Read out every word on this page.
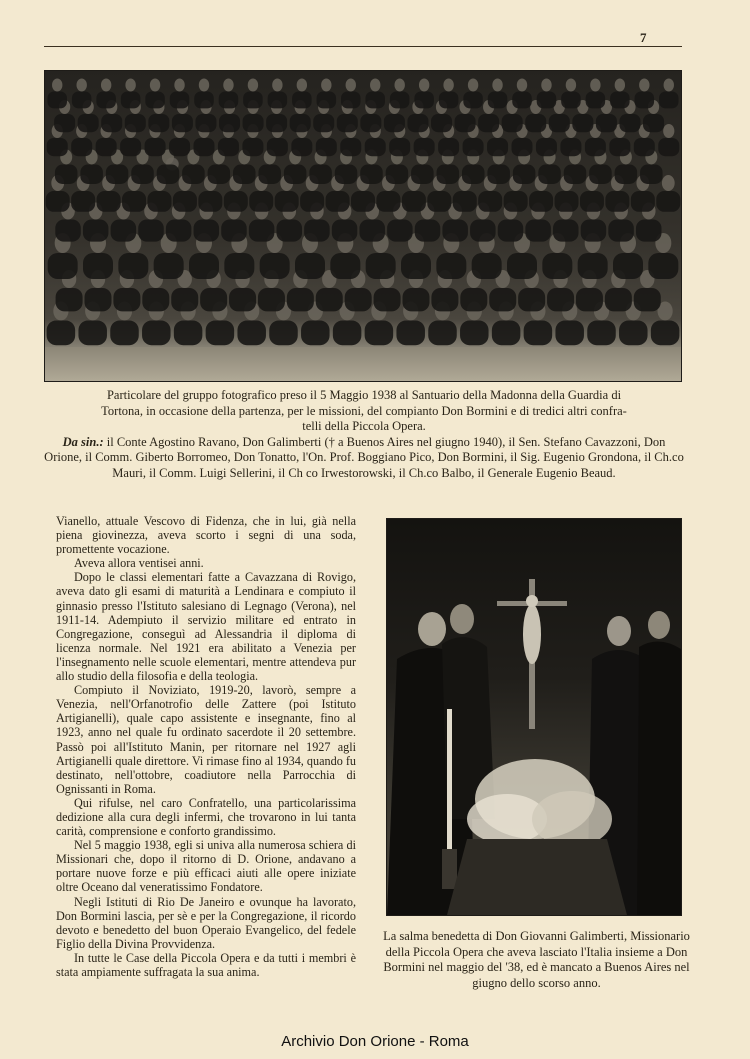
7
Particolare del gruppo fotografico preso il 5 Maggio 1938 al Santuario della Madonna della Guardia di
Tortona, in occasione della partenza, per le missioni, del compianto Don Bormini e di tredici altri confra-
telli della Piccola Opera.
Da sin.: il Conte Agostino Ravano, Don Galimberti († a Buenos Aires nel giugno 1940), il Sen. Stefano Cavazzoni, Don Orione, il Comm. Giberto Borromeo, Don Tonatto, l'On. Prof. Boggiano Pico, Don Bormini, il Sig. Eugenio Grondona, il Ch.co Mauri, il Comm. Luigi Sellerini, il Ch co Irwestorowski, il Ch.co Balbo, il Generale Eugenio Beaud.

Vianello, attuale Vescovo di Fidenza, che in lui, già nella piena giovinezza, aveva scorto i segni di una soda, promettente vocazione.

Aveva allora ventisei anni.

Dopo le classi elementari fatte a Cavazzana di Rovigo, aveva dato gli esami di maturità a Lendinara e compiuto il ginnasio presso l'Istituto salesiano di Legnago (Verona), nel 1911-14. Adempiuto il servizio militare ed entrato in Congregazione, conseguì ad Alessandria il diploma di licenza normale. Nel 1921 era abilitato a Venezia per l'insegnamento nelle scuole elementari, mentre attendeva pur allo studio della filosofia e della teologia.

Compiuto il Noviziato, 1919-20, lavorò, sempre a Venezia, nell'Orfanotrofio delle Zattere (poi Istituto Artigianelli), quale capo assistente e insegnante, fino al 1923, anno nel quale fu ordinato sacerdote il 20 settembre. Passò poi all'Istituto Manin, per ritornare nel 1927 agli Artigianelli quale direttore. Vi rimase fino al 1934, quando fu destinato, nell'ottobre, coadiutore nella Parrocchia di Ognissanti in Roma.

Qui rifulse, nel caro Confratello, una particolarissima dedizione alla cura degli infermi, che trovarono in lui tanta carità, comprensione e conforto grandissimo.

Nel 5 maggio 1938, egli si univa alla numerosa schiera di Missionari che, dopo il ritorno di D. Orione, andavano a portare nuove forze e più efficaci aiuti alle opere iniziate oltre Oceano dal veneratissimo Fondatore.

Negli Istituti di Rio De Janeiro e ovunque ha lavorato, Don Bormini lascia, per sè e per la Congregazione, il ricordo devoto e benedetto del buon Operaio Evangelico, del fedele Figlio della Divina Provvidenza.

In tutte le Case della Piccola Opera e da tutti i membri è stata ampiamente suffragata la sua anima.

La salma benedetta di Don Giovanni Galimberti, Missionario della Piccola Opera che aveva lasciato l'Italia insieme a Don Bormini nel maggio del '38, ed è mancato a Buenos Aires nel giugno dello scorso anno.
Archivio Don Orione - Roma
